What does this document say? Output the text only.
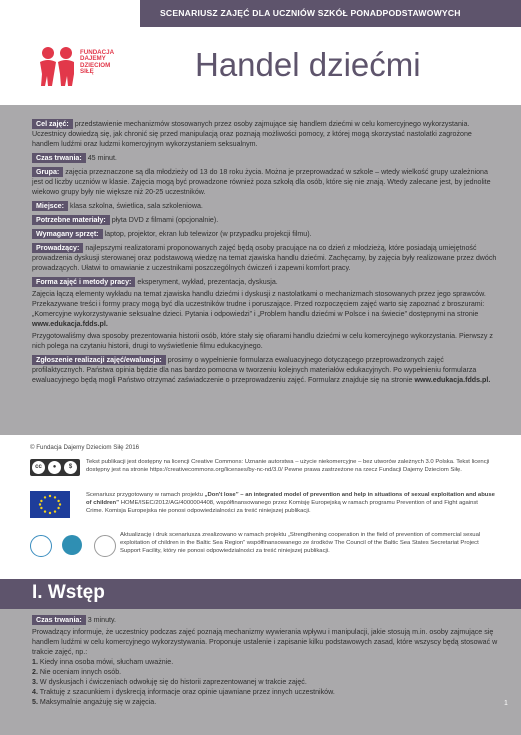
SCENARIUSZ ZAJĘĆ DLA UCZNIÓW SZKÓŁ PONADPODSTAWOWYCH
FUNDACJA
DAJEMY
DZIECIOM
SIŁĘ	Handel dziećmi
Cel zajęć: przedstawienie mechanizmów stosowanych przez osoby zajmujące się handlem dziećmi w celu komercyjnego wykorzystania. Uczestnicy dowiedzą się, jak chronić się przed manipulacją oraz poznają możliwości pomocy, z której mogą skorzystać nastolatki zagrożone handlem ludźmi oraz ludzmi komercyjnym wykorzystaniem seksualnym.
Czas trwania: 45 minut.
Grupa: zajęcia przeznaczone są dla młodzieży od 13 do 18 roku życia. Można je przeprowadzać w szkole – wtedy wielkość grupy uzależniona jest od liczby uczniów w klasie. Zajęcia mogą być prowadzone również poza szkołą dla osób, które się nie znają. Wtedy zalecane jest, by jednolite wiekowo grupy były nie większe niż 20-25 uczestników.
Miejsce: klasa szkolna, świetlica, sala szkoleniowa.
Potrzebne materiały: płyta DVD z filmami (opcjonalnie).
Wymagany sprzęt: laptop, projektor, ekran lub telewizor (w przypadku projekcji filmu).
Prowadzący: najlepszymi realizatorami proponowanych zajęć będą osoby pracujące na co dzień z młodzieżą, które posiadają umiejętność prowadzenia dyskusji sterowanej oraz podstawową wiedzę na temat zjawiska handlu dziećmi. Zachęcamy, by zajęcia były realizowane przez dwóch prowadzących. Ułatwi to omawianie z uczestnikami poszczególnych ćwiczeń i zapewni komfort pracy.
Forma zajęć i metody pracy: eksperyment, wykład, prezentacja, dyskusja.
Zajęcia łączą elementy wykładu na temat zjawiska handlu dziećmi i dyskusji z nastolatkami o mechanizmach stosowanych przez jego sprawców. Przekazywane treści i formy pracy mogą być dla uczestników trudne i poruszające. Przed rozpoczęciem zajęć warto się zapoznać z broszurami: „Komercyjne wykorzystywanie seksualne dzieci. Pytania i odpowiedzi” i „Problem handlu dziećmi w Polsce i na świecie” dostępnymi na stronie www.edukacja.fdds.pl.
Przygotowaliśmy dwa sposoby prezentowania historii osób, które stały się ofiarami handlu dziećmi w celu komercyjnego wykorzystania. Pierwszy z nich polega na czytaniu historii, drugi to wyświetlenie filmu edukacyjnego.
Zgłoszenie realizacji zajęć/ewaluacja: prosimy o wypełnienie formularza ewaluacyjnego dotyczącego przeprowadzonych zajęć profilaktycznych. Państwa opinia będzie dla nas bardzo pomocna w tworzeniu kolejnych materiałów edukacyjnych. Po wypełnieniu formularza ewaluacyjnego będą mogli Państwo otrzymać zaświadczenie o przeprowadzeniu zajęć. Formularz znajduje się na stronie www.edukacja.fdds.pl.
© Fundacja Dajemy Dzieciom Siłę 2016
cc	●	$
Tekst publikacji jest dostępny na licencji Creative Commons: Uznanie autorstwa – użycie niekomercyjne – bez utworów zależnych 3.0 Polska. Tekst licencji dostępny jest na stronie https://creativecommons.org/licenses/by-nc-nd/3.0/ Pewne prawa zastrzeżone na rzecz Fundacji Dajemy Dzieciom Siłę.
Scenariusz przygotowany w ramach projektu „Don't lose” – an integrated model of prevention and help in situations of sexual exploitation and abuse of children” HOME/ISEC/2012/AG/4000004408, współfinansowanego przez Komisję Europejską w ramach programu Prevention of and Fight against Crime. Komisja Europejska nie ponosi odpowiedzialności za treść niniejszej publikacji.
Aktualizację i druk scenariusza zrealizowano w ramach projektu „Strengthening cooperation in the field of prevention of commercial sexual exploitation of children in the Baltic Sea Region” współfinansowanego ze środków The Council of the Baltic Sea States Secretariat Project Support Facility, który nie ponosi odpowiedzialności za treść niniejszej publikacji.
I. Wstęp
Czas trwania: 3 minuty.
Prowadzący informuje, że uczestnicy podczas zajęć poznają mechanizmy wywierania wpływu i manipulacji, jakie stosują m.in. osoby zajmujące się handlem ludźmi w celu komercyjnego wykorzystywania. Proponuje ustalenie i zapisanie kilku podstawowych zasad, które wszyscy będą stosować w trakcie zajęć, np.:
1. Kiedy inna osoba mówi, słucham uważnie.
2. Nie oceniam innych osób.
3. W dyskusjach i ćwiczeniach odwołuję się do historii zaprezentowanej w trakcie zajęć.
4. Traktuję z szacunkiem i dyskrecją informacje oraz opinie ujawniane przez innych uczestników.
5. Maksymalnie angażuję się w zajęcia.	1
